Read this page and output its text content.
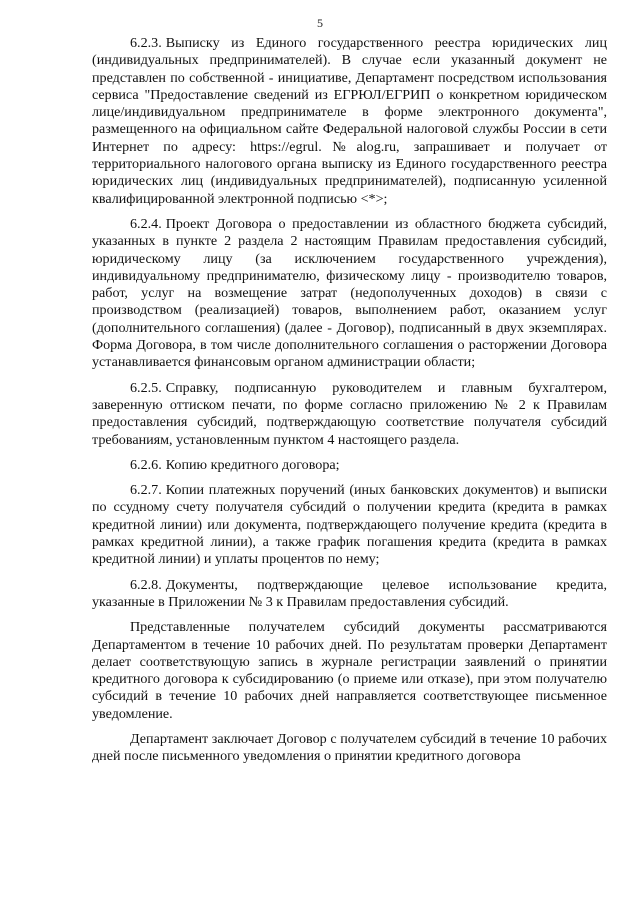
5

6.2.3. Выписку из Единого государственного реестра юридических лиц (индивидуальных предпринимателей). В случае если указанный документ не представлен по собственной - инициативе, Департамент посредством использования сервиса "Предоставление сведений из ЕГРЮЛ/ЕГРИП о конкретном юридическом лице/индивидуальном предпринимателе в форме электронного документа", размещенного на официальном сайте Федеральной налоговой службы России в сети Интернет по адресу: https://egrul.№alog.ru, запрашивает и получает от территориального налогового органа выписку из Единого государственного реестра юридических лиц (индивидуальных предпринимателей), подписанную усиленной квалифицированной электронной подписью <*>;

6.2.4. Проект Договора о предоставлении из областного бюджета субсидий, указанных в пункте 2 раздела 2 настоящим Правилам предоставления субсидий, юридическому лицу (за исключением государственного учреждения), индивидуальному предпринимателю, физическому лицу - производителю товаров, работ, услуг на возмещение затрат (недополученных доходов) в связи с производством (реализацией) товаров, выполнением работ, оказанием услуг (дополнительного соглашения) (далее - Договор), подписанный в двух экземплярах. Форма Договора, в том числе дополнительного соглашения о расторжении Договора устанавливается финансовым органом администрации области;

6.2.5. Справку, подписанную руководителем и главным бухгалтером, заверенную оттиском печати, по форме согласно приложению № 2 к Правилам предоставления субсидий, подтверждающую соответствие получателя субсидий требованиям, установленным пунктом 4 настоящего раздела.

6.2.6. Копию кредитного договора;

6.2.7. Копии платежных поручений (иных банковских документов) и выписки по ссудному счету получателя субсидий о получении кредита (кредита в рамках кредитной линии) или документа, подтверждающего получение кредита (кредита в рамках кредитной линии), а также график погашения кредита (кредита в рамках кредитной линии) и уплаты процентов по нему;

6.2.8. Документы, подтверждающие целевое использование кредита, указанные в Приложении № 3 к Правилам предоставления субсидий.

Представленные получателем субсидий документы рассматриваются Департаментом в течение 10 рабочих дней. По результатам проверки Департамент делает соответствующую запись в журнале регистрации заявлений о принятии кредитного договора к субсидированию (о приеме или отказе), при этом получателю субсидий в течение 10 рабочих дней направляется соответствующее письменное уведомление.

Департамент заключает Договор с получателем субсидий в течение 10 рабочих дней после письменного уведомления о принятии кредитного договора
